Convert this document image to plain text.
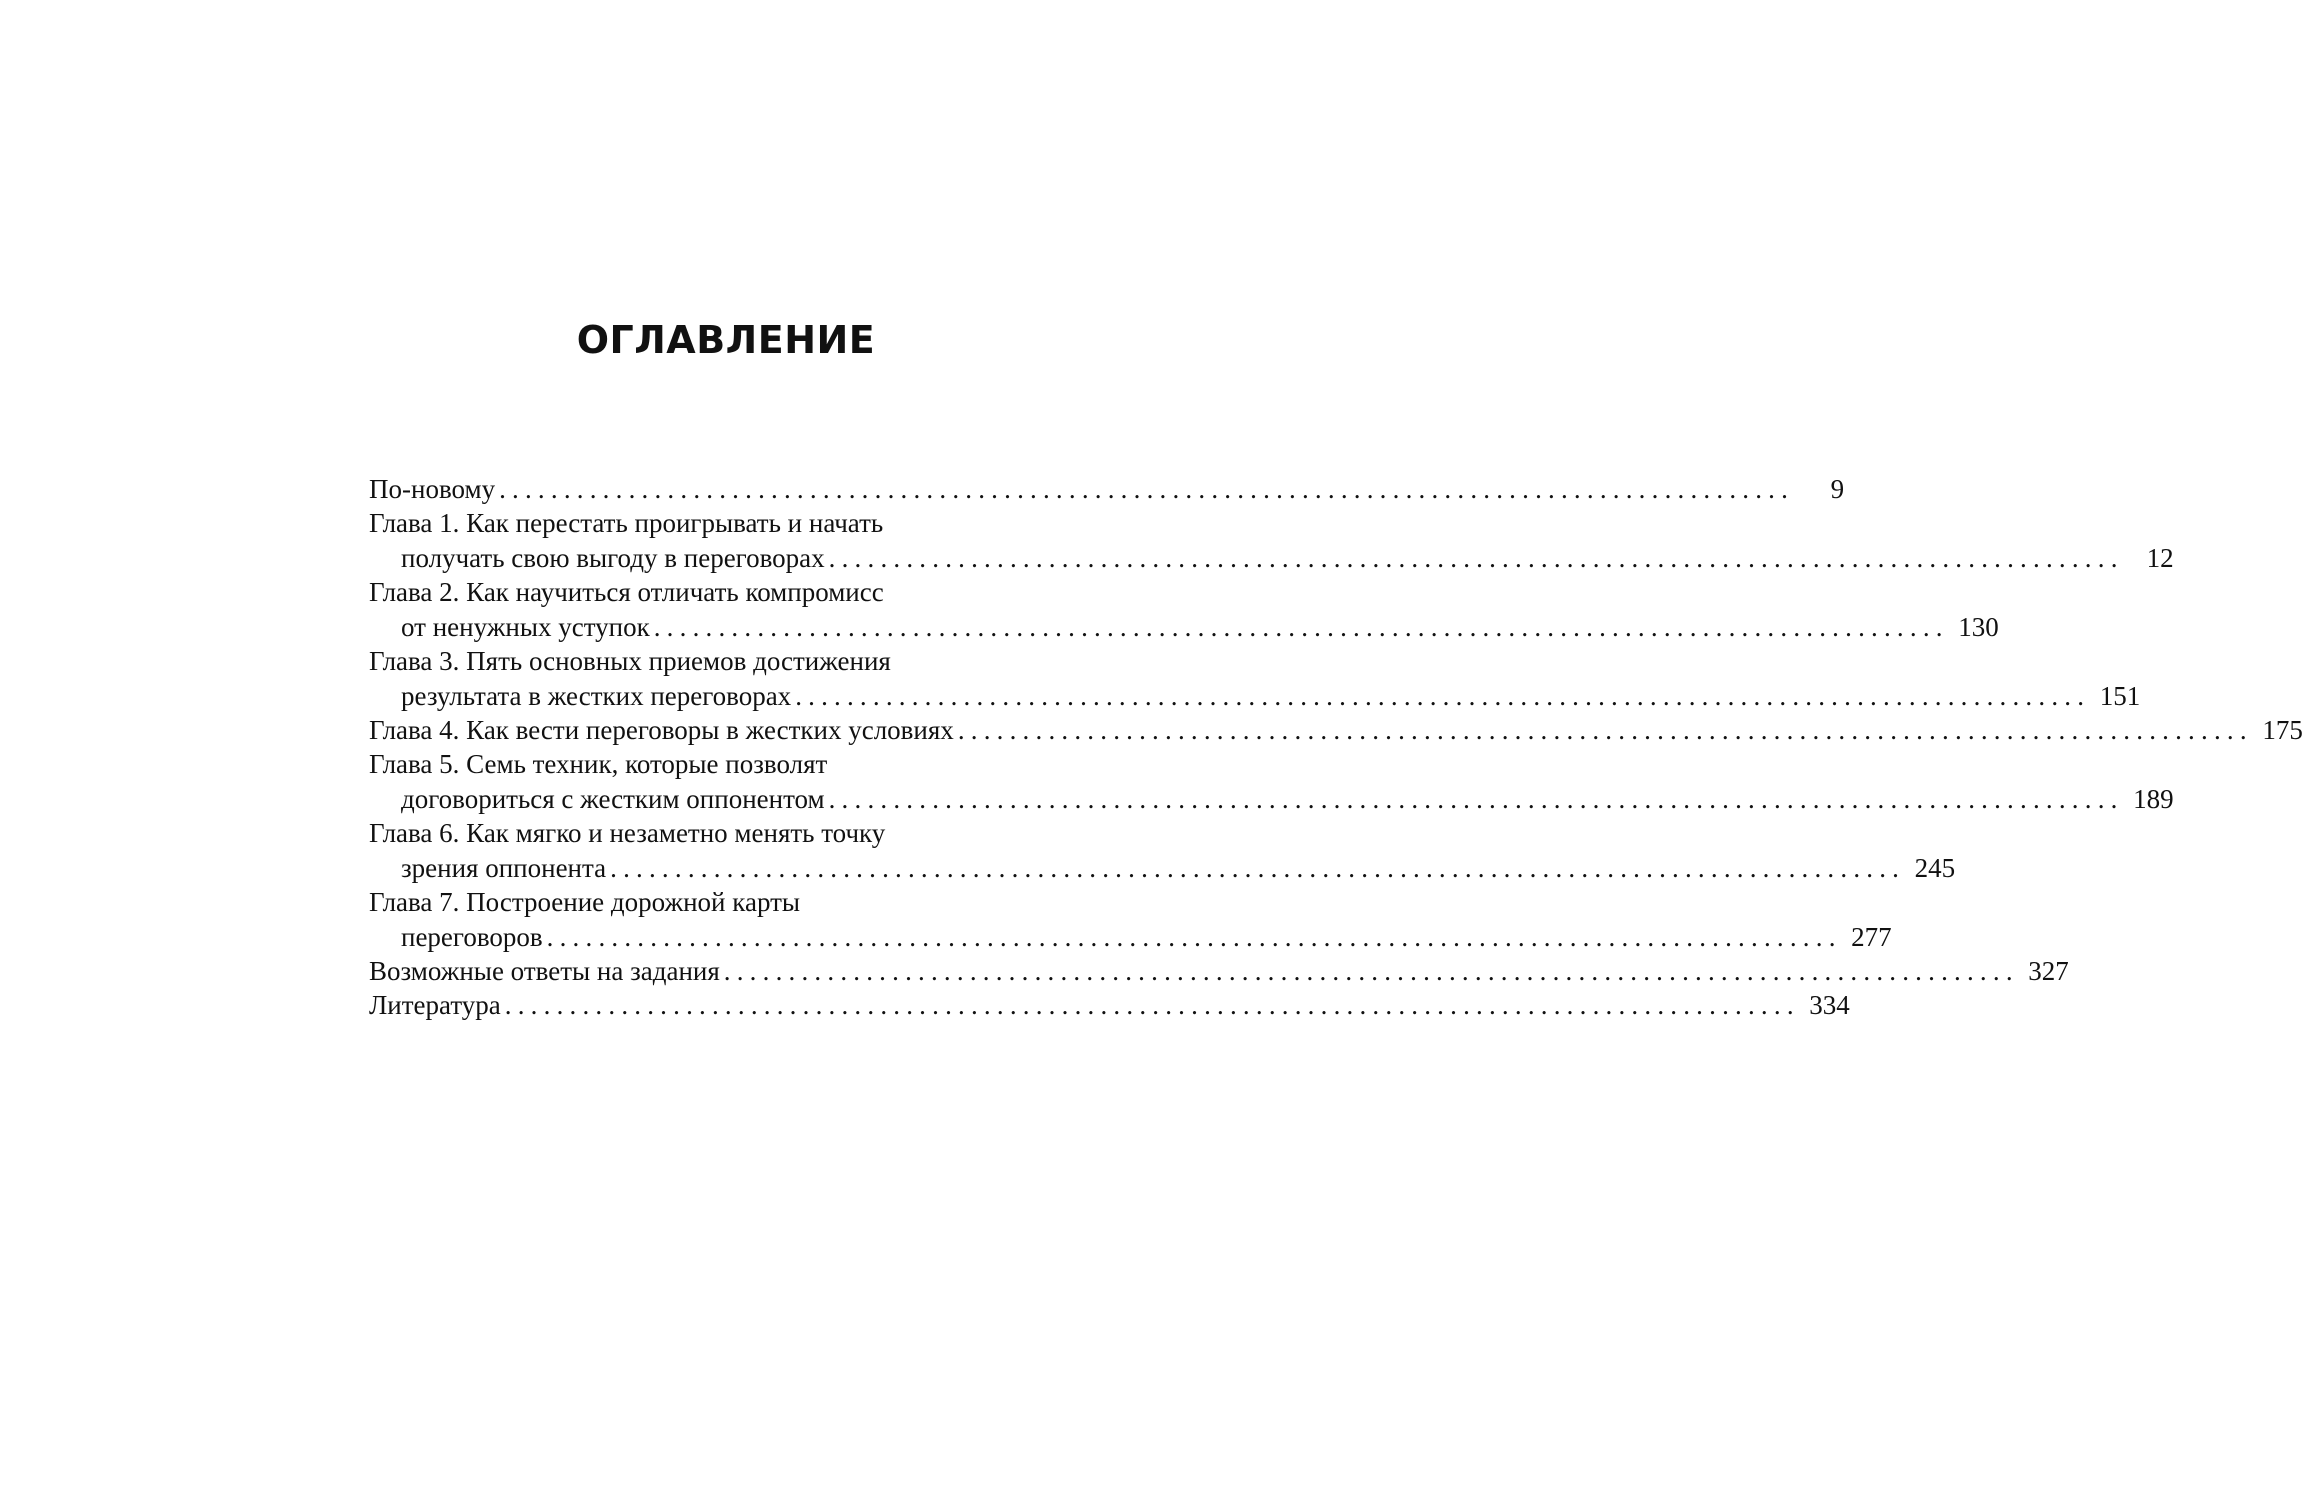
ОГЛАВЛЕНИЕ
По-новому ....................................................................................................	9
Глава 1. Как перестать проигрывать и начать
получать свою выгоду в переговорах .................................................................................................... 12
Глава 2. Как научиться отличать компромисс
от ненужных уступок .................................................................................................... 130
Глава 3. Пять основных приемов достижения
результата в жестких переговорах .................................................................................................... 151
Глава 4. Как вести переговоры в жестких условиях .................................................................................................... 175
Глава 5. Семь техник, которые позволят
договориться с жестким оппонентом .................................................................................................... 189
Глава 6. Как мягко и незаметно менять точку
зрения оппонента .................................................................................................... 245
Глава 7. Построение дорожной карты
переговоров .................................................................................................... 277
Возможные ответы на задания .................................................................................................... 327
Литература .................................................................................................... 334
